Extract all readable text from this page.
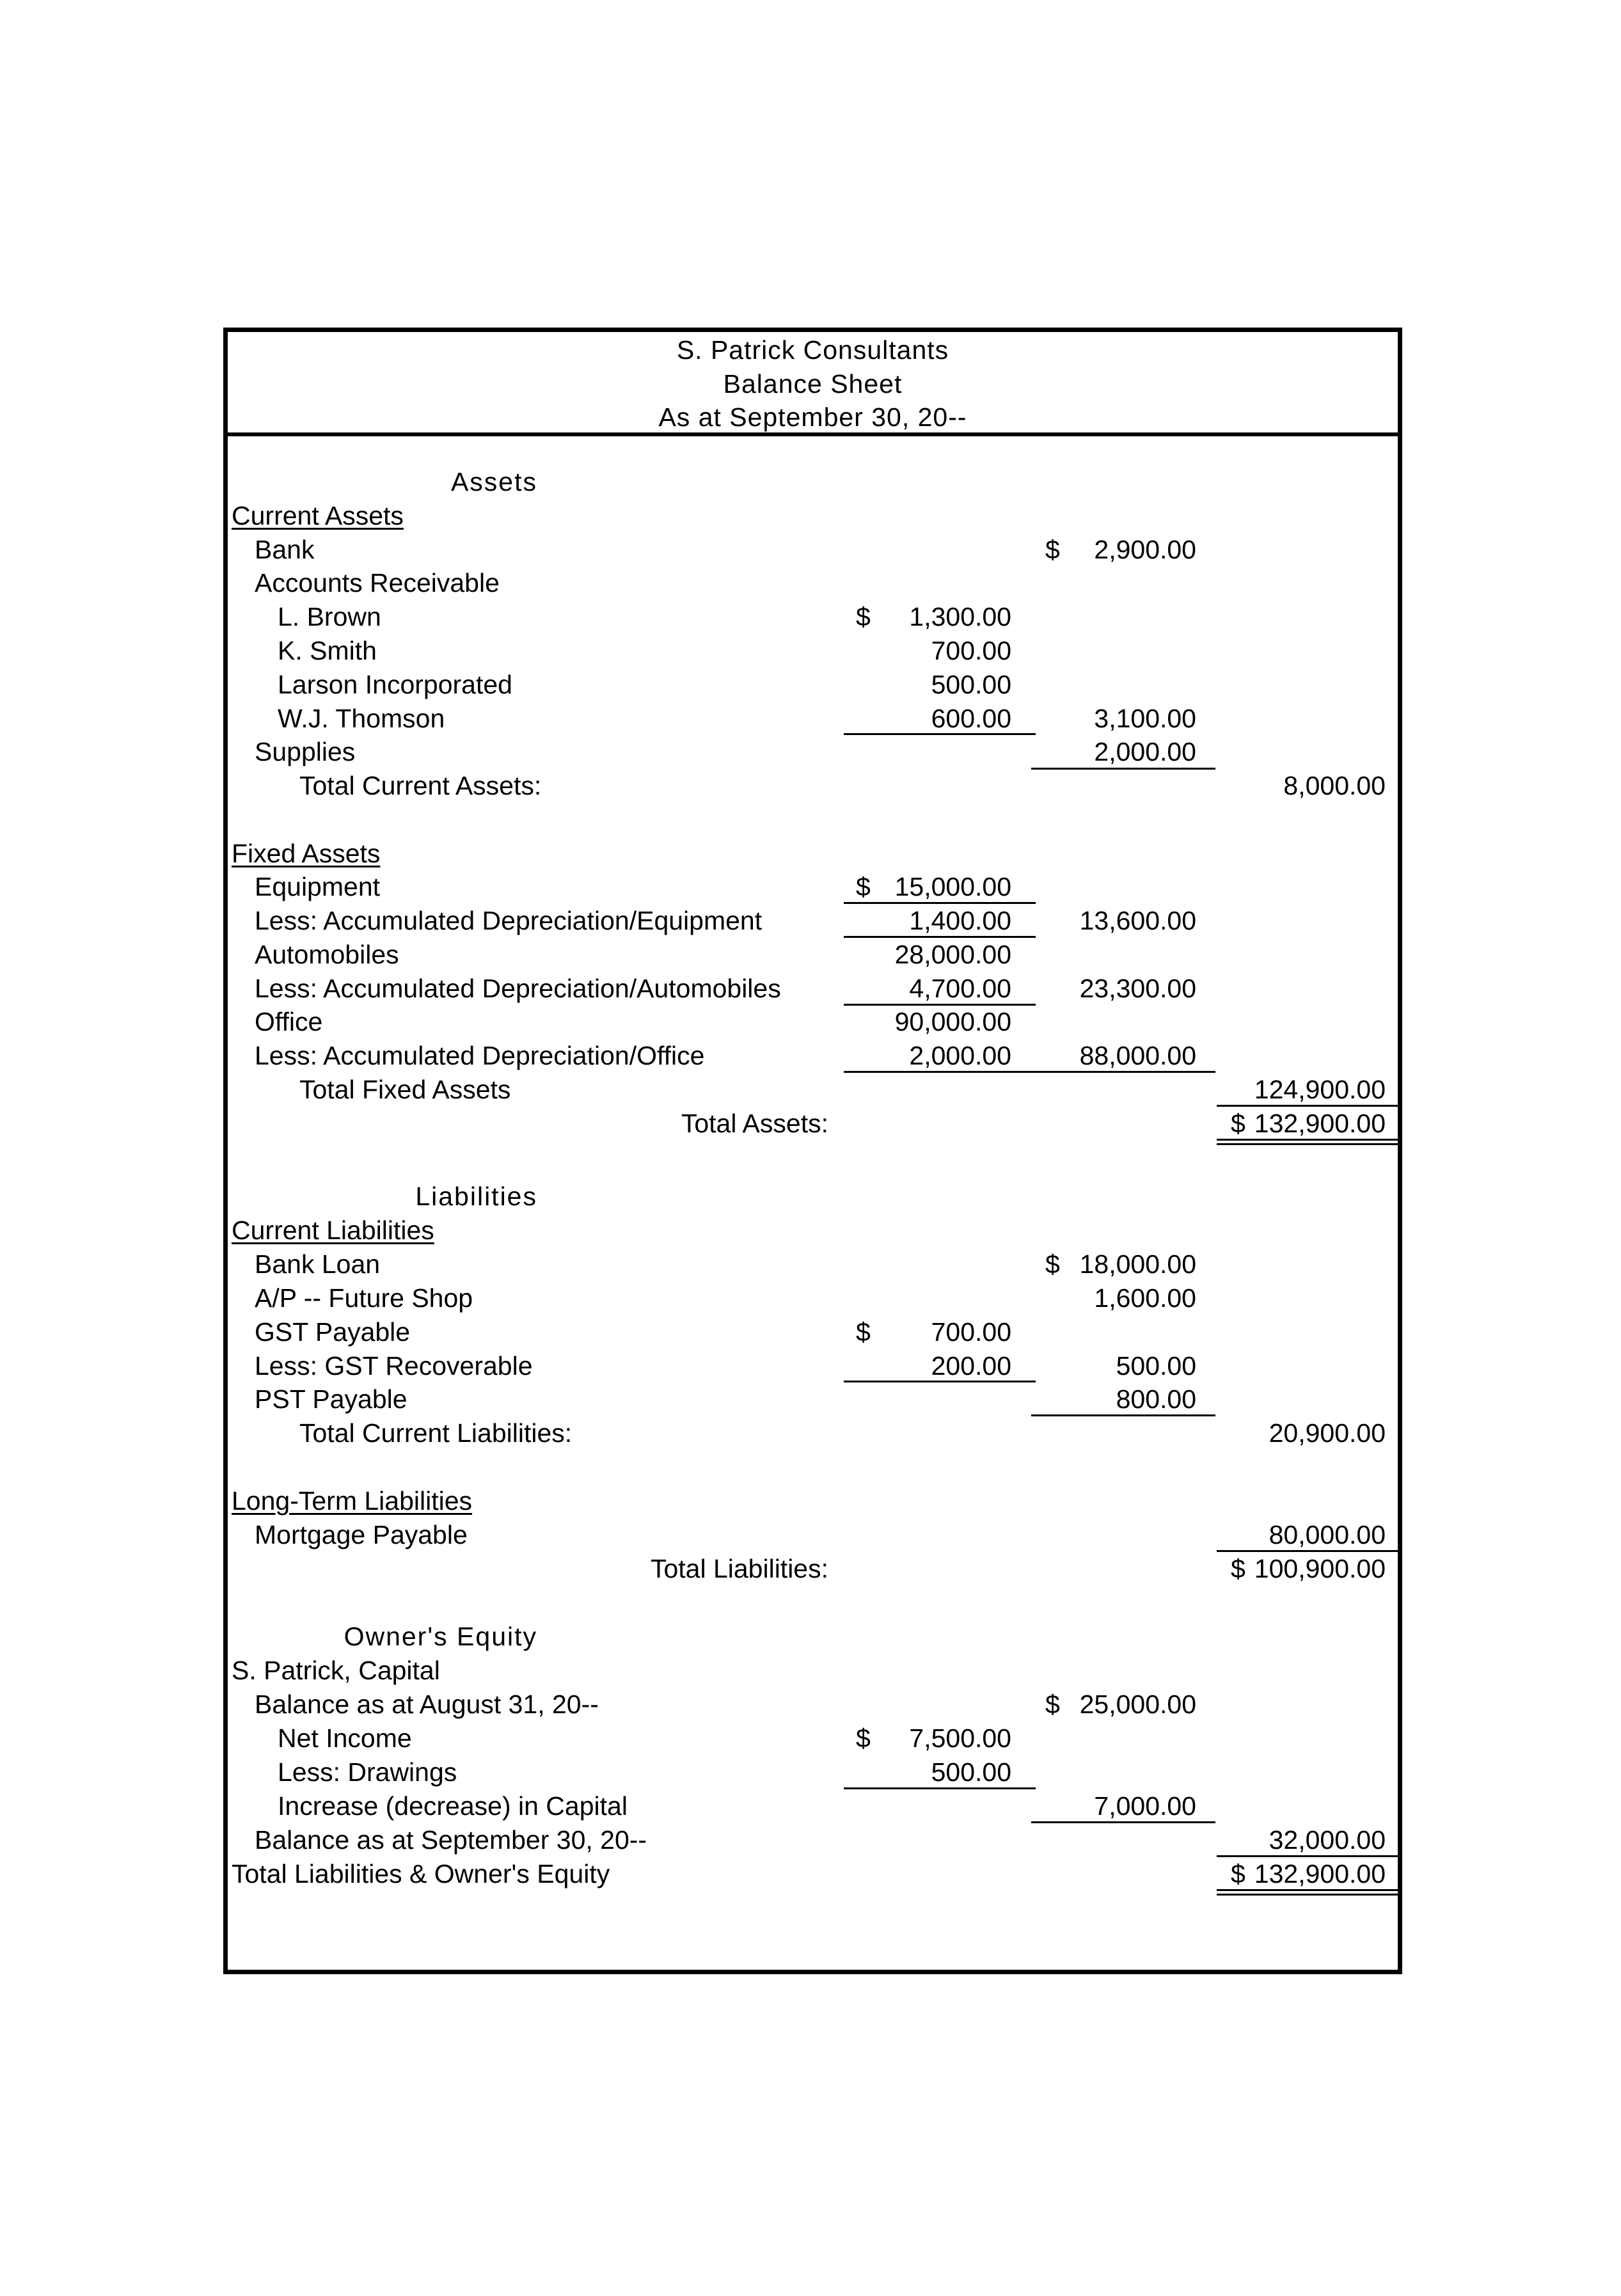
S. Patrick Consultants
Balance Sheet
As at September 30, 20--
Assets
Current Assets
Bank	$ 2,900.00
Accounts Receivable
L. Brown	$ 1,300.00
K. Smith	700.00
Larson Incorporated	500.00
W.J. Thomson	600.00	3,100.00
Supplies	2,000.00
Total Current Assets:	8,000.00
Fixed Assets
Equipment	$ 15,000.00
Less: Accumulated Depreciation/Equipment	1,400.00	13,600.00
Automobiles	28,000.00
Less: Accumulated Depreciation/Automobiles	4,700.00	23,300.00
Office	90,000.00
Less: Accumulated Depreciation/Office	2,000.00	88,000.00
Total Fixed Assets	124,900.00
Total Assets:	$ 132,900.00
Liabilities
Current Liabilities
Bank Loan	$ 18,000.00
A/P -- Future Shop	1,600.00
GST Payable	$ 700.00
Less: GST Recoverable	200.00	500.00
PST Payable	800.00
Total Current Liabilities:	20,900.00
Long-Term Liabilities
Mortgage Payable	80,000.00
Total Liabilities:	$ 100,900.00
Owner's Equity
S. Patrick, Capital
Balance as at August 31, 20--	$ 25,000.00
Net Income	$ 7,500.00
Less: Drawings	500.00
Increase (decrease) in Capital	7,000.00
Balance as at September 30, 20--	32,000.00
Total Liabilities & Owner's Equity	$ 132,900.00
